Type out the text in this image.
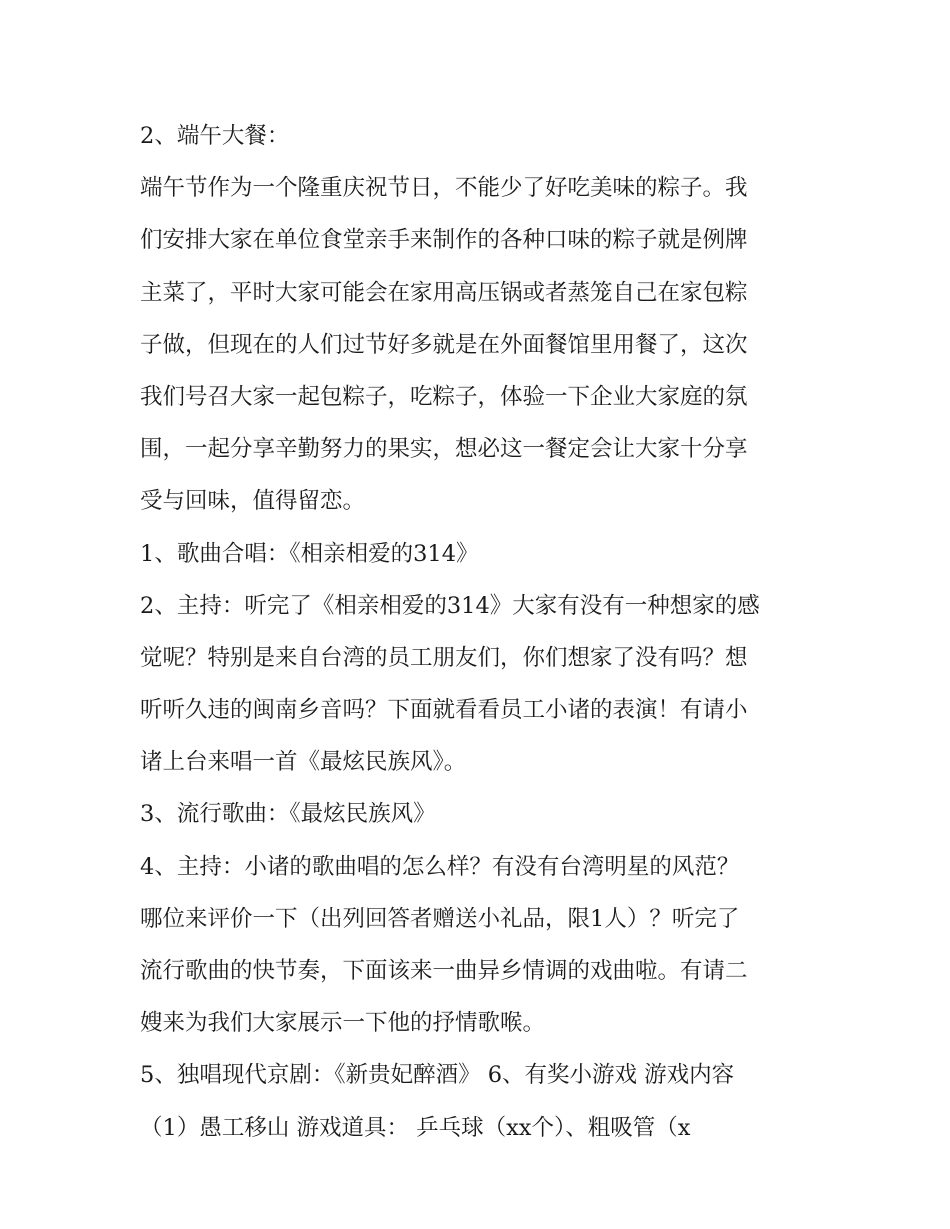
2、端午大餐：
端午节作为一个隆重庆祝节日，不能少了好吃美味的粽子。我
们安排大家在单位食堂亲手来制作的各种口味的粽子就是例牌
主菜了，平时大家可能会在家用高压锅或者蒸笼自己在家包粽
子做，但现在的人们过节好多就是在外面餐馆里用餐了，这次
我们号召大家一起包粽子，吃粽子，体验一下企业大家庭的氛
围，一起分享辛勤努力的果实，想必这一餐定会让大家十分享
受与回味，值得留恋。
1、歌曲合唱：《相亲相爱的314》
2、主持：听完了《相亲相爱的314》大家有没有一种想家的感
觉呢？特别是来自台湾的员工朋友们，你们想家了没有吗？想
听听久违的闽南乡音吗？下面就看看员工小诸的表演！有请小
诸上台来唱一首《最炫民族风》。
3、流行歌曲：《最炫民族风》
4、主持：小诸的歌曲唱的怎么样？有没有台湾明星的风范？
哪位来评价一下（出列回答者赠送小礼品，限1人）？听完了
流行歌曲的快节奏，下面该来一曲异乡情调的戏曲啦。有请二
嫂来为我们大家展示一下他的抒情歌喉。
5、独唱现代京剧：《新贵妃醉酒》 6、有奖小游戏 游戏内容
（1）愚工移山 游戏道具： 乒乓球（xx个）、粗吸管（x
